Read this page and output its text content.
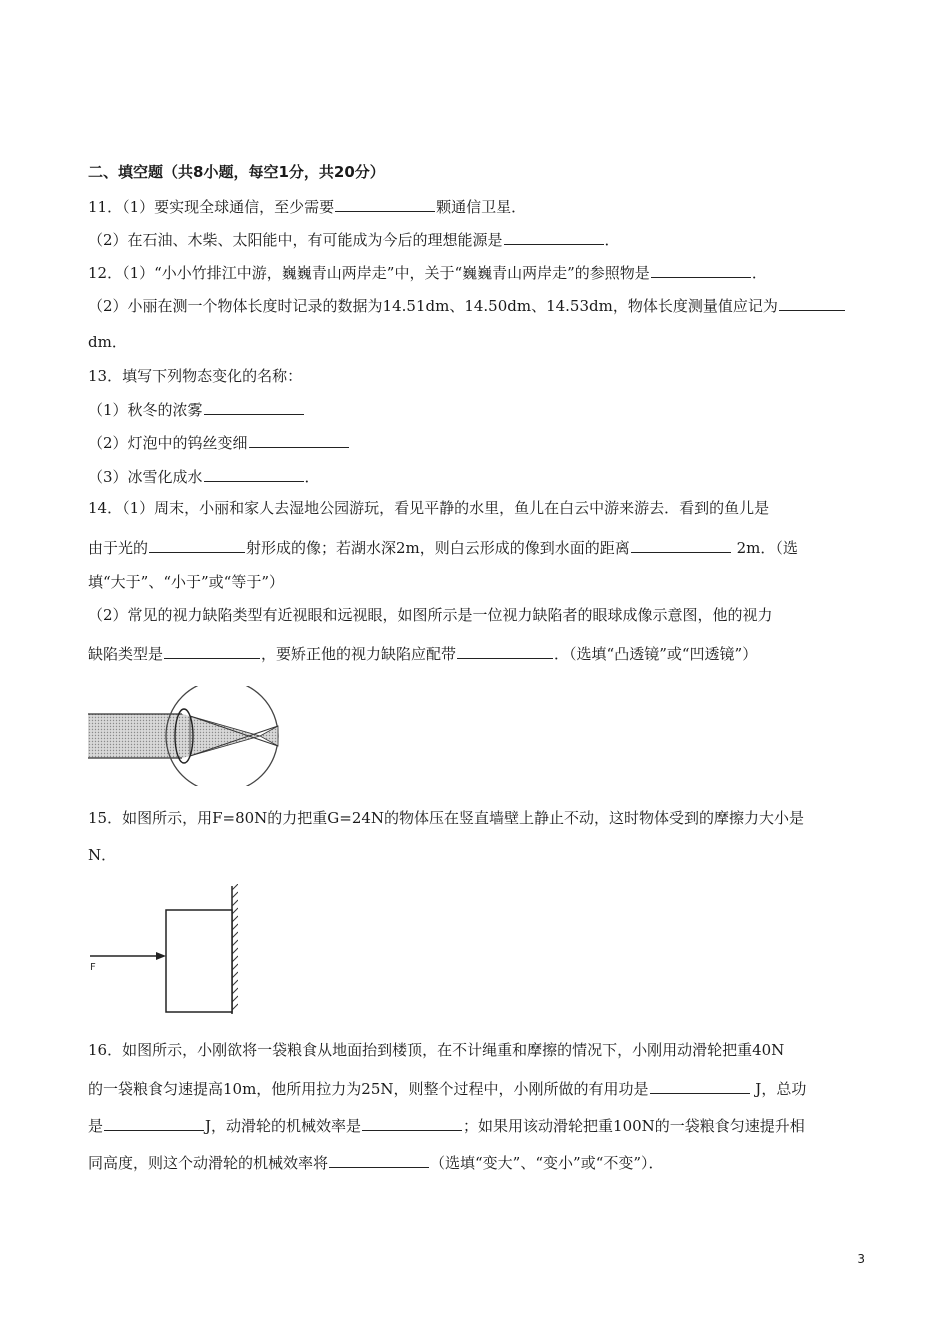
二、填空题（共8小题，每空1分，共20分）
11．（1）要实现全球通信，至少需要	颗通信卫星．
（2）在石油、木柴、太阳能中，有可能成为今后的理想能源是	．
12．（1）“小小竹排江中游，巍巍青山两岸走”中，关于“巍巍青山两岸走”的参照物是	．
（2）小丽在测一个物体长度时记录的数据为14.51dm、14.50dm、14.53dm，物体长度测量值应记为
dm．
13．填写下列物态变化的名称：
（1）秋冬的浓雾
（2）灯泡中的钨丝变细
（3）冰雪化成水	．
14．（1）周末，小丽和家人去湿地公园游玩，看见平静的水里，鱼儿在白云中游来游去．看到的鱼儿是
由于光的	射形成的像；若湖水深2m，则白云形成的像到水面的距离	2m．（选
填“大于”、“小于”或“等于”）
（2）常见的视力缺陷类型有近视眼和远视眼，如图所示是一位视力缺陷者的眼球成像示意图，他的视力
缺陷类型是	，要矫正他的视力缺陷应配带	．（选填“凸透镜”或“凹透镜”）
15．如图所示，用F=80N的力把重G=24N的物体压在竖直墙壁上静止不动，这时物体受到的摩擦力大小是
N．
F
16．如图所示，小刚欲将一袋粮食从地面抬到楼顶，在不计绳重和摩擦的情况下，小刚用动滑轮把重40N
的一袋粮食匀速提高10m，他所用拉力为25N，则整个过程中，小刚所做的有用功是	J，总功
是	J，动滑轮的机械效率是	；如果用该动滑轮把重100N的一袋粮食匀速提升相
同高度，则这个动滑轮的机械效率将	（选填“变大”、“变小”或“不变”）．
3
